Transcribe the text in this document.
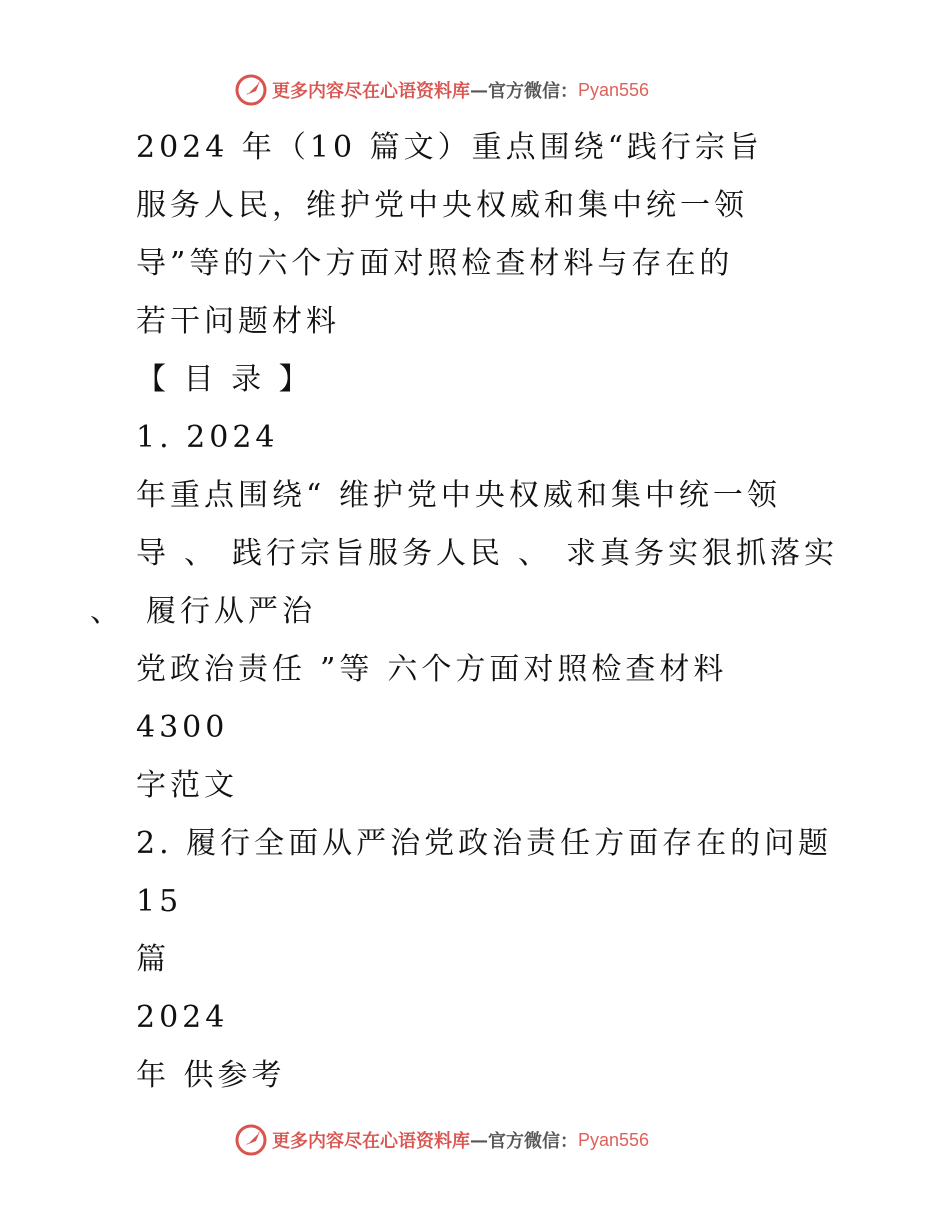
更多内容尽在心语资料库 — 官方微信： Pyan556
2024 年（10 篇文）重点围绕“践行宗旨
服务人民，维护党中央权威和集中统一领
导”等的六个方面对照检查材料与存在的
若干问题材料
【 目 录 】
1. 2024
年重点围绕“ 维护党中央权威和集中统一领
导 、 践行宗旨服务人民 、 求真务实狠抓落实
、 履行从严治
党政治责任 ”等 六个方面对照检查材料
4300
字范文
2. 履行全面从严治党政治责任方面存在的问题
15
篇
2024
年 供参考
更多内容尽在心语资料库 — 官方微信： Pyan556
